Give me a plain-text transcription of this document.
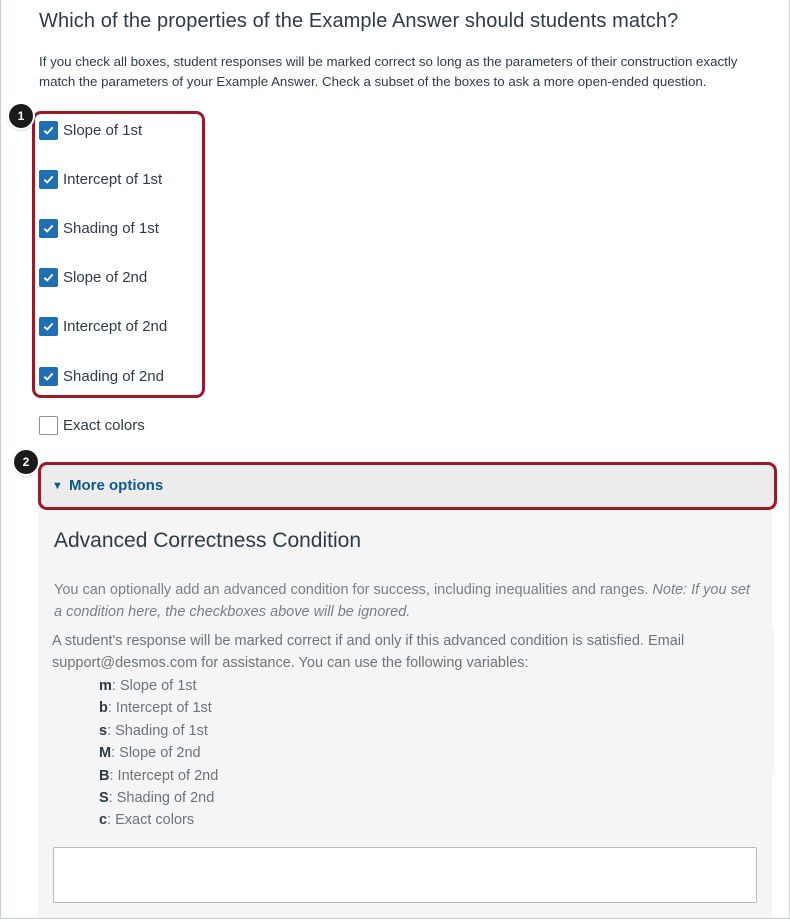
Which of the properties of the Example Answer should students match?
If you check all boxes, student responses will be marked correct so long as the parameters of their construction exactly match the parameters of your Example Answer. Check a subset of the boxes to ask a more open-ended question.
Slope of 1st
Intercept of 1st
Shading of 1st
Slope of 2nd
Intercept of 2nd
Shading of 2nd
Exact colors
1
▼ More options
2
Advanced Correctness Condition
You can optionally add an advanced condition for success, including inequalities and ranges. Note: If you set a condition here, the checkboxes above will be ignored.
A student's response will be marked correct if and only if this advanced condition is satisfied. Email support@desmos.com for assistance. You can use the following variables:
m: Slope of 1st
b: Intercept of 1st
s: Shading of 1st
M: Slope of 2nd
B: Intercept of 2nd
S: Shading of 2nd
c: Exact colors
